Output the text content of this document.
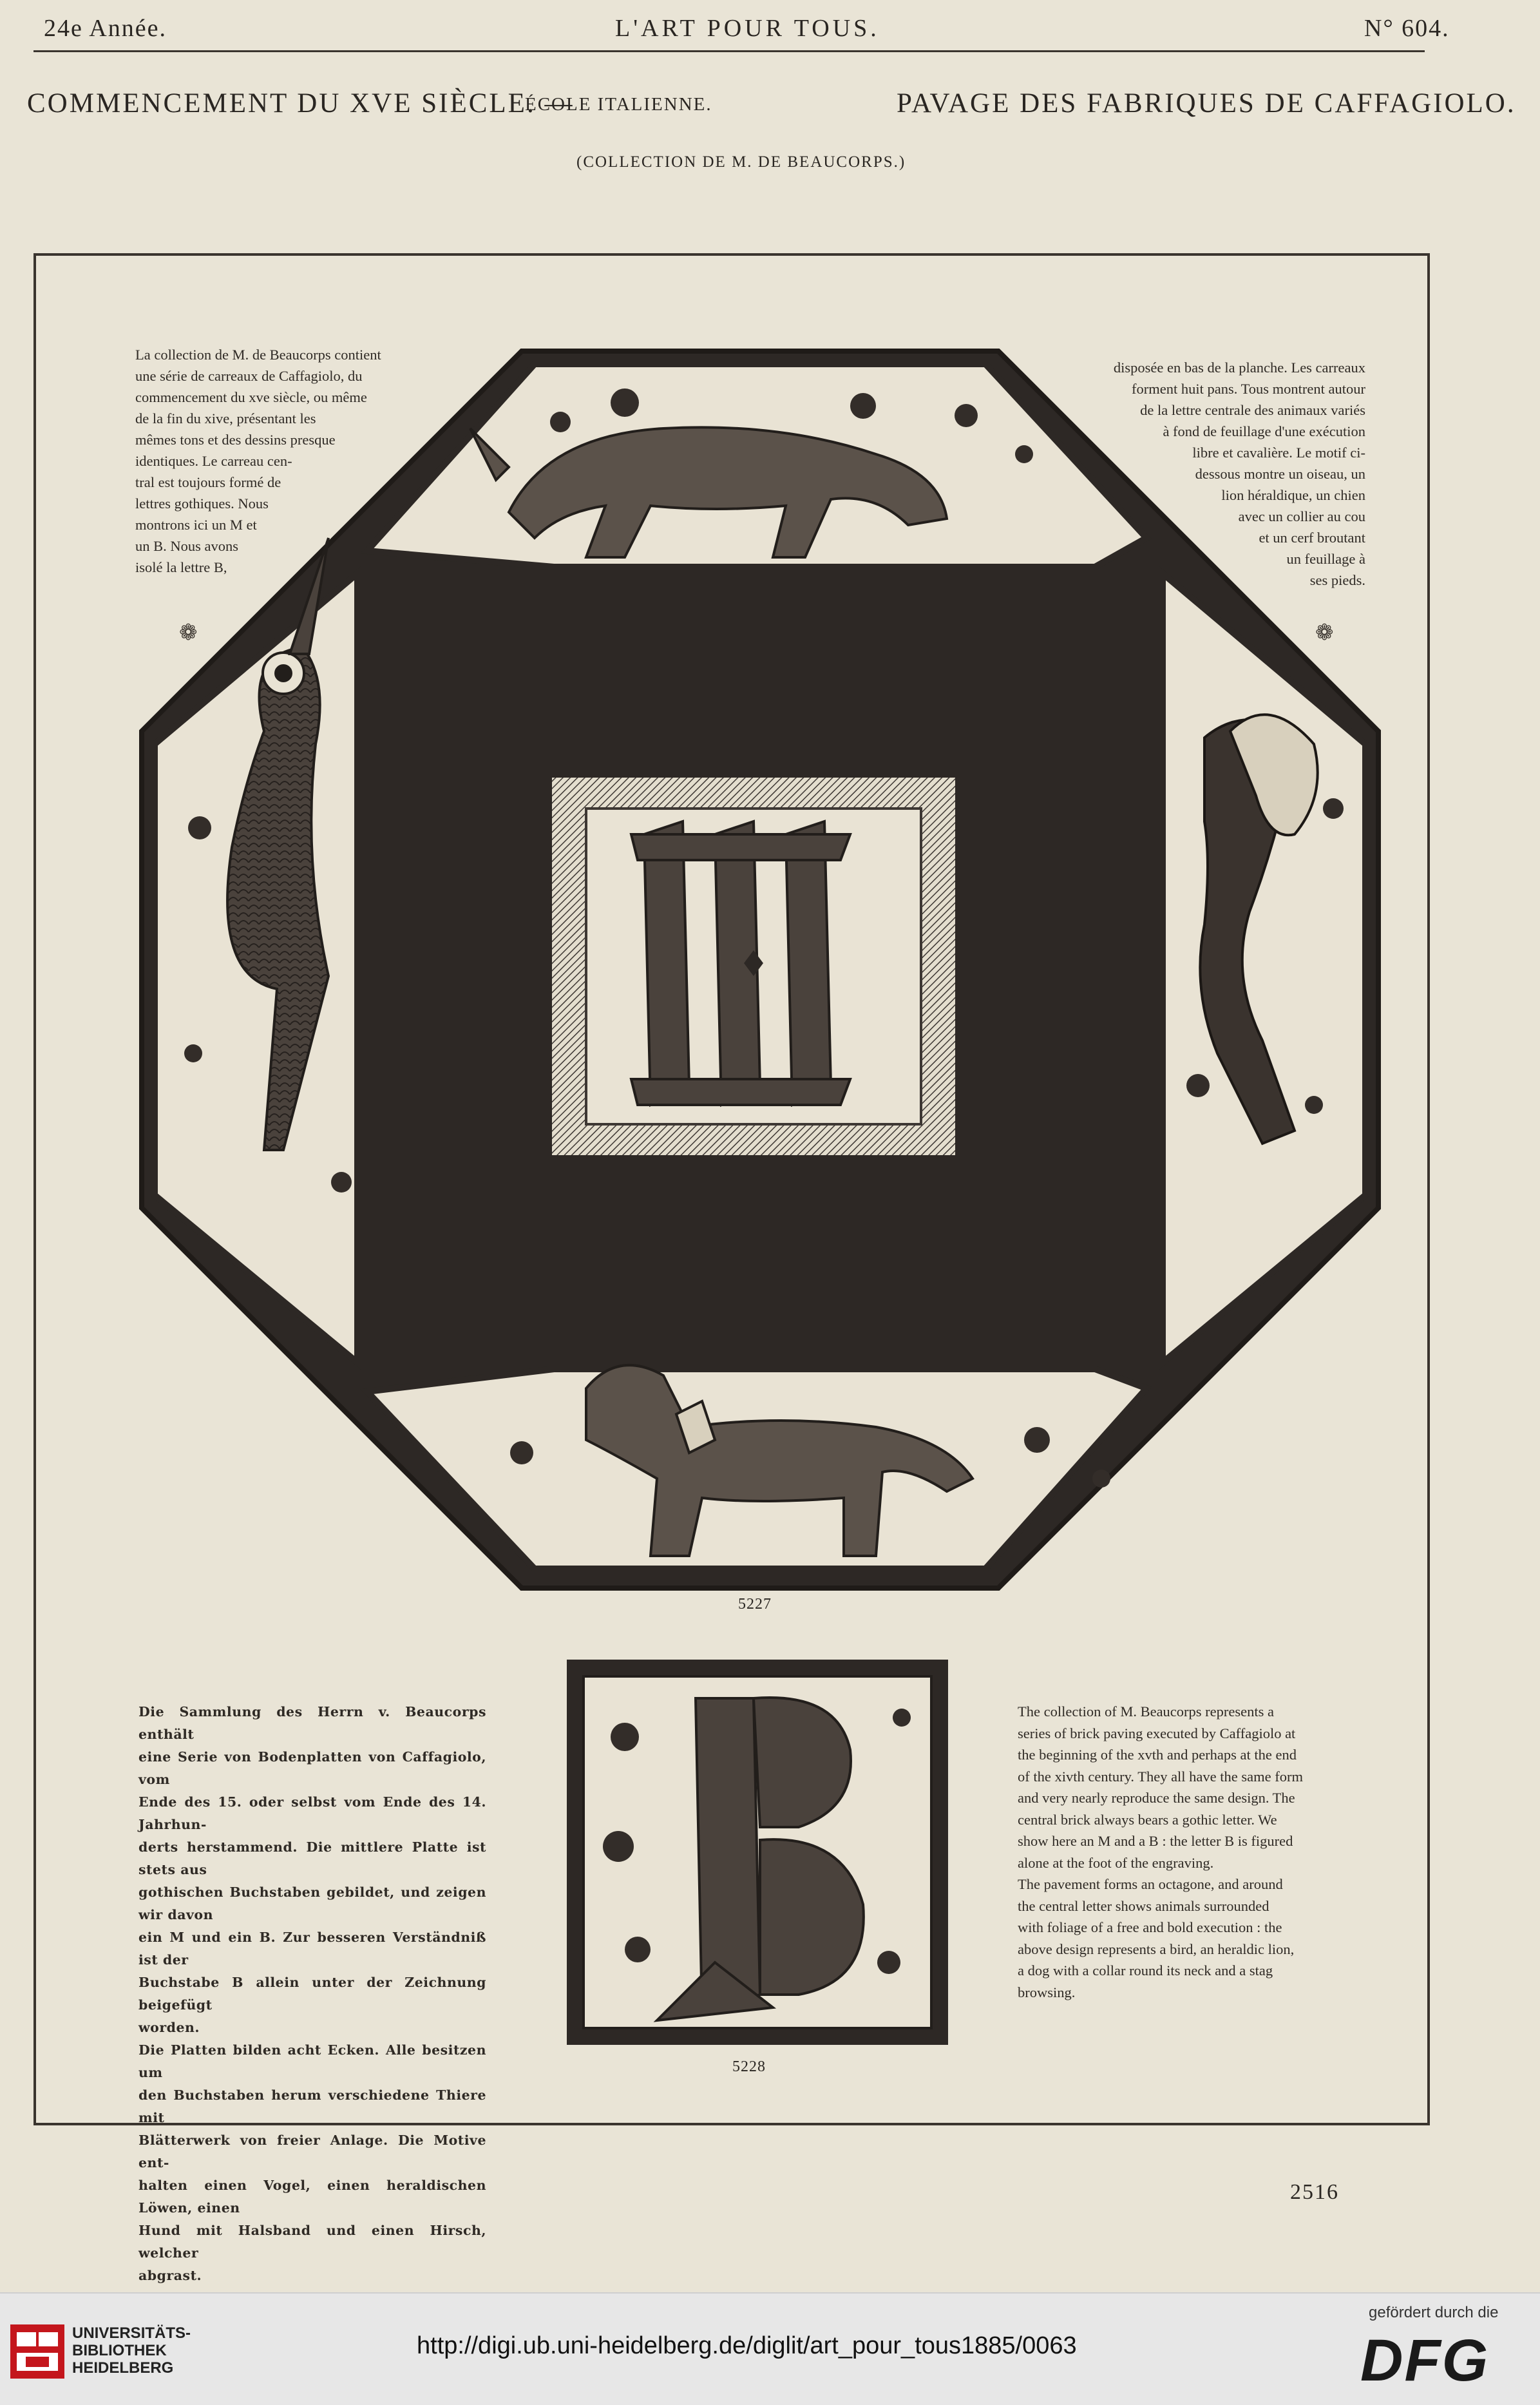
24e Année.	L'ART POUR TOUS.	N° 604.
COMMENCEMENT DU XVE SIÈCLE. —
ÉCOLE ITALIENNE.	PAVAGE DES FABRIQUES DE CAFFAGIOLO.
(COLLECTION DE M. DE BEAUCORPS.)

La collection de M. de Beaucorps contient

une série de carreaux de Caffagiolo, du

commencement du xve siècle, ou même

de la fin du xive, présentant les

mêmes tons et des dessins presque

identiques. Le carreau cen-

tral est toujours formé de

lettres gothiques. Nous

montrons ici un M et

un B. Nous avons

isolé la lettre B,

disposée en bas de la planche. Les carreaux

forment huit pans. Tous montrent autour

de la lettre centrale des animaux variés

à fond de feuillage d'une exécution

libre et cavalière. Le motif ci-

dessous montre un oiseau, un

lion héraldique, un chien

avec un collier au cou

et un cerf broutant

un feuillage à

ses pieds.

❁	❁
5227
5228

Die Sammlung des Herrn v. Beaucorps enthält

eine Serie von Bodenplatten von Caffagiolo, vom

Ende des 15. oder selbst vom Ende des 14. Jahrhun-

derts herstammend. Die mittlere Platte ist stets aus

gothischen Buchstaben gebildet, und zeigen wir davon

ein M und ein B. Zur besseren Verständniß ist der

Buchstabe B allein unter der Zeichnung beigefügt

worden.

Die Platten bilden acht Ecken. Alle besitzen um

den Buchstaben herum verschiedene Thiere mit

Blätterwerk von freier Anlage. Die Motive ent-

halten einen Vogel, einen heraldischen Löwen, einen

Hund mit Halsband und einen Hirsch, welcher

abgrast.

The collection of M. Beaucorps represents a

series of brick paving executed by Caffagiolo at

the beginning of the xvth and perhaps at the end

of the xivth century. They all have the same form

and very nearly reproduce the same design. The

central brick always bears a gothic letter. We

show here an M and a B : the letter B is figured

alone at the foot of the engraving.

The pavement forms an octagone, and around

the central letter shows animals surrounded

with foliage of a free and bold execution : the

above design represents a bird, an heraldic lion,

a dog with a collar round its neck and a stag

browsing.

2516
UNIVERSITÄTS-
BIBLIOTHEK
HEIDELBERG
http://digi.ub.uni-heidelberg.de/diglit/art_pour_tous1885/0063
gefördert durch die
DFG
